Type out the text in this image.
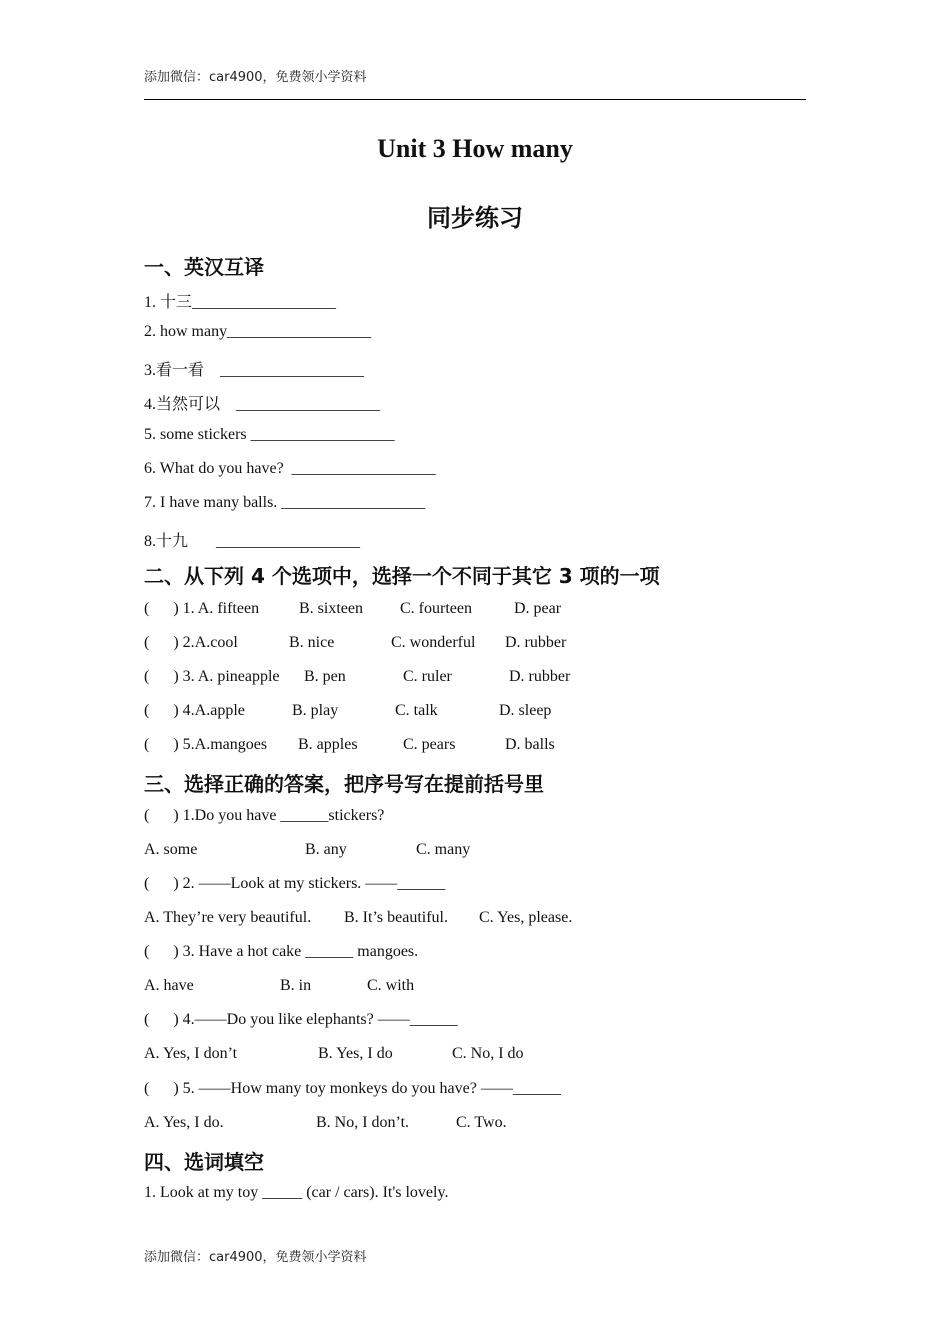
添加微信：car4900，免费领小学资料
Unit 3 How many
同步练习
一、英汉互译
1. 十三__________________
2. how many__________________
3.看一看    __________________
4.当然可以    __________________
5. some stickers __________________
6. What do you have?  __________________
7. I have many balls. __________________
8.十九       __________________
二、从下列 4 个选项中，选择一个不同于其它 3 项的一项
(      ) 1. A. fifteen B. sixteen C. fourteen	D. pear
(      ) 2.A.cool	B. nice	C. wonderful D. rubber
(      ) 3. A. pineapple B. pen	C. ruler	D. rubber
(      ) 4.A.apple	B. play	C. talk	D. sleep
(      ) 5.A.mangoes B. apples	C. pears	D. balls
三、选择正确的答案，把序号写在提前括号里
(      ) 1.Do you have ______stickers?
A. some	B. any	C. many
(      ) 2. ——Look at my stickers. ——______
A. They’re very beautiful. B. It’s beautiful. C. Yes, please.
(      ) 3. Have a hot cake ______ mangoes.
A. have	B. in	C. with
(      ) 4.——Do you like elephants? ——______
A. Yes, I don’t	B. Yes, I do	C. No, I do
(      ) 5. ——How many toy monkeys do you have? ——______
A. Yes, I do.	B. No, I don’t.	C. Two.
四、选词填空
1. Look at my toy _____ (car / cars). It's lovely.
添加微信：car4900，免费领小学资料
